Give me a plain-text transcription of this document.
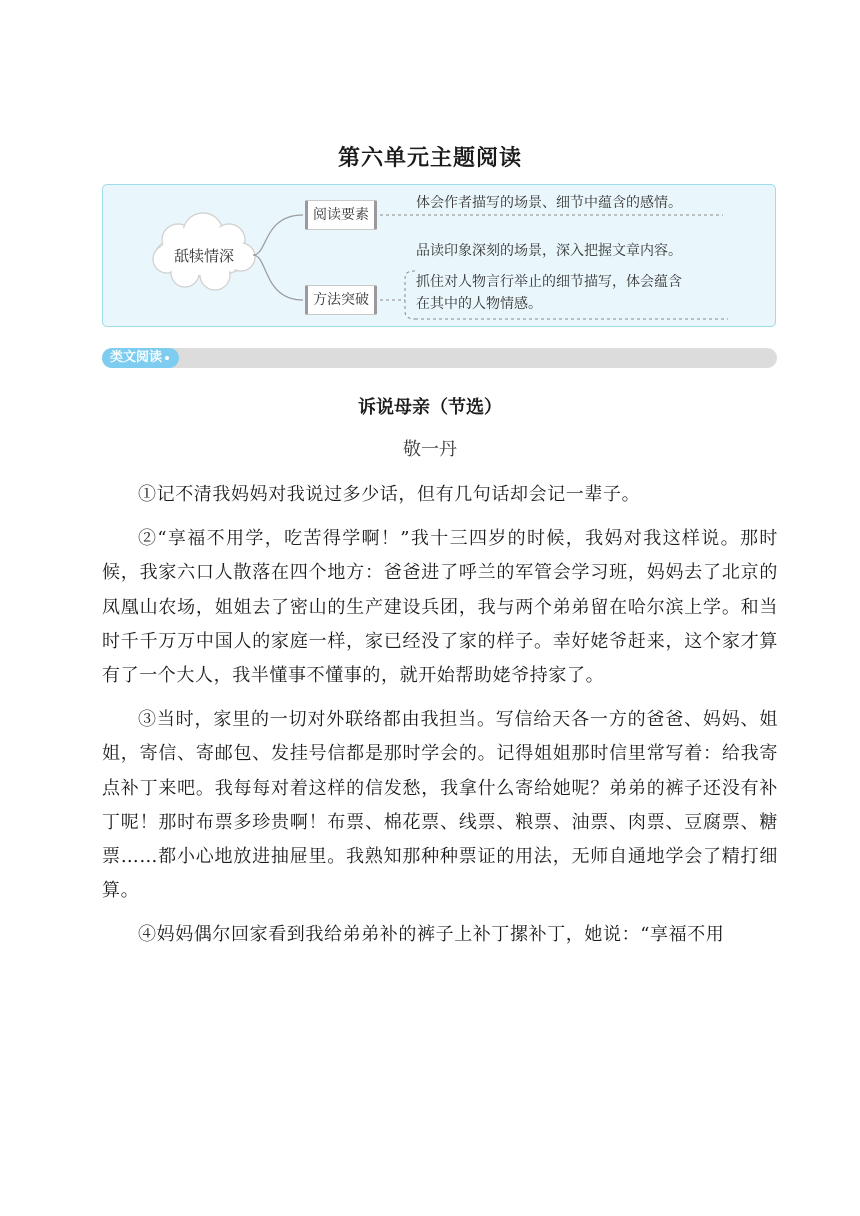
第六单元主题阅读
舐犊情深
阅读要素
方法突破
体会作者描写的场景、细节中蕴含的感情。
品读印象深刻的场景，深入把握文章内容。
抓住对人物言行举止的细节描写，体会蕴含
在其中的人物情感。
类文阅读
诉说母亲（节选）
敬一丹

①记不清我妈妈对我说过多少话，但有几句话却会记一辈子。

②“享福不用学，吃苦得学啊！”我十三四岁的时候，我妈对我这样说。那时候，我家六口人散落在四个地方：爸爸进了呼兰的军管会学习班，妈妈去了北京的凤凰山农场，姐姐去了密山的生产建设兵团，我与两个弟弟留在哈尔滨上学。和当时千千万万中国人的家庭一样，家已经没了家的样子。幸好姥爷赶来，这个家才算有了一个大人，我半懂事不懂事的，就开始帮助姥爷持家了。

③当时，家里的一切对外联络都由我担当。写信给天各一方的爸爸、妈妈、姐姐，寄信、寄邮包、发挂号信都是那时学会的。记得姐姐那时信里常写着：给我寄点补丁来吧。我每每对着这样的信发愁，我拿什么寄给她呢？弟弟的裤子还没有补丁呢！那时布票多珍贵啊！布票、棉花票、线票、粮票、油票、肉票、豆腐票、糖票……都小心地放进抽屉里。我熟知那种种票证的用法，无师自通地学会了精打细算。

④妈妈偶尔回家看到我给弟弟补的裤子上补丁摞补丁，她说：“享福不用
